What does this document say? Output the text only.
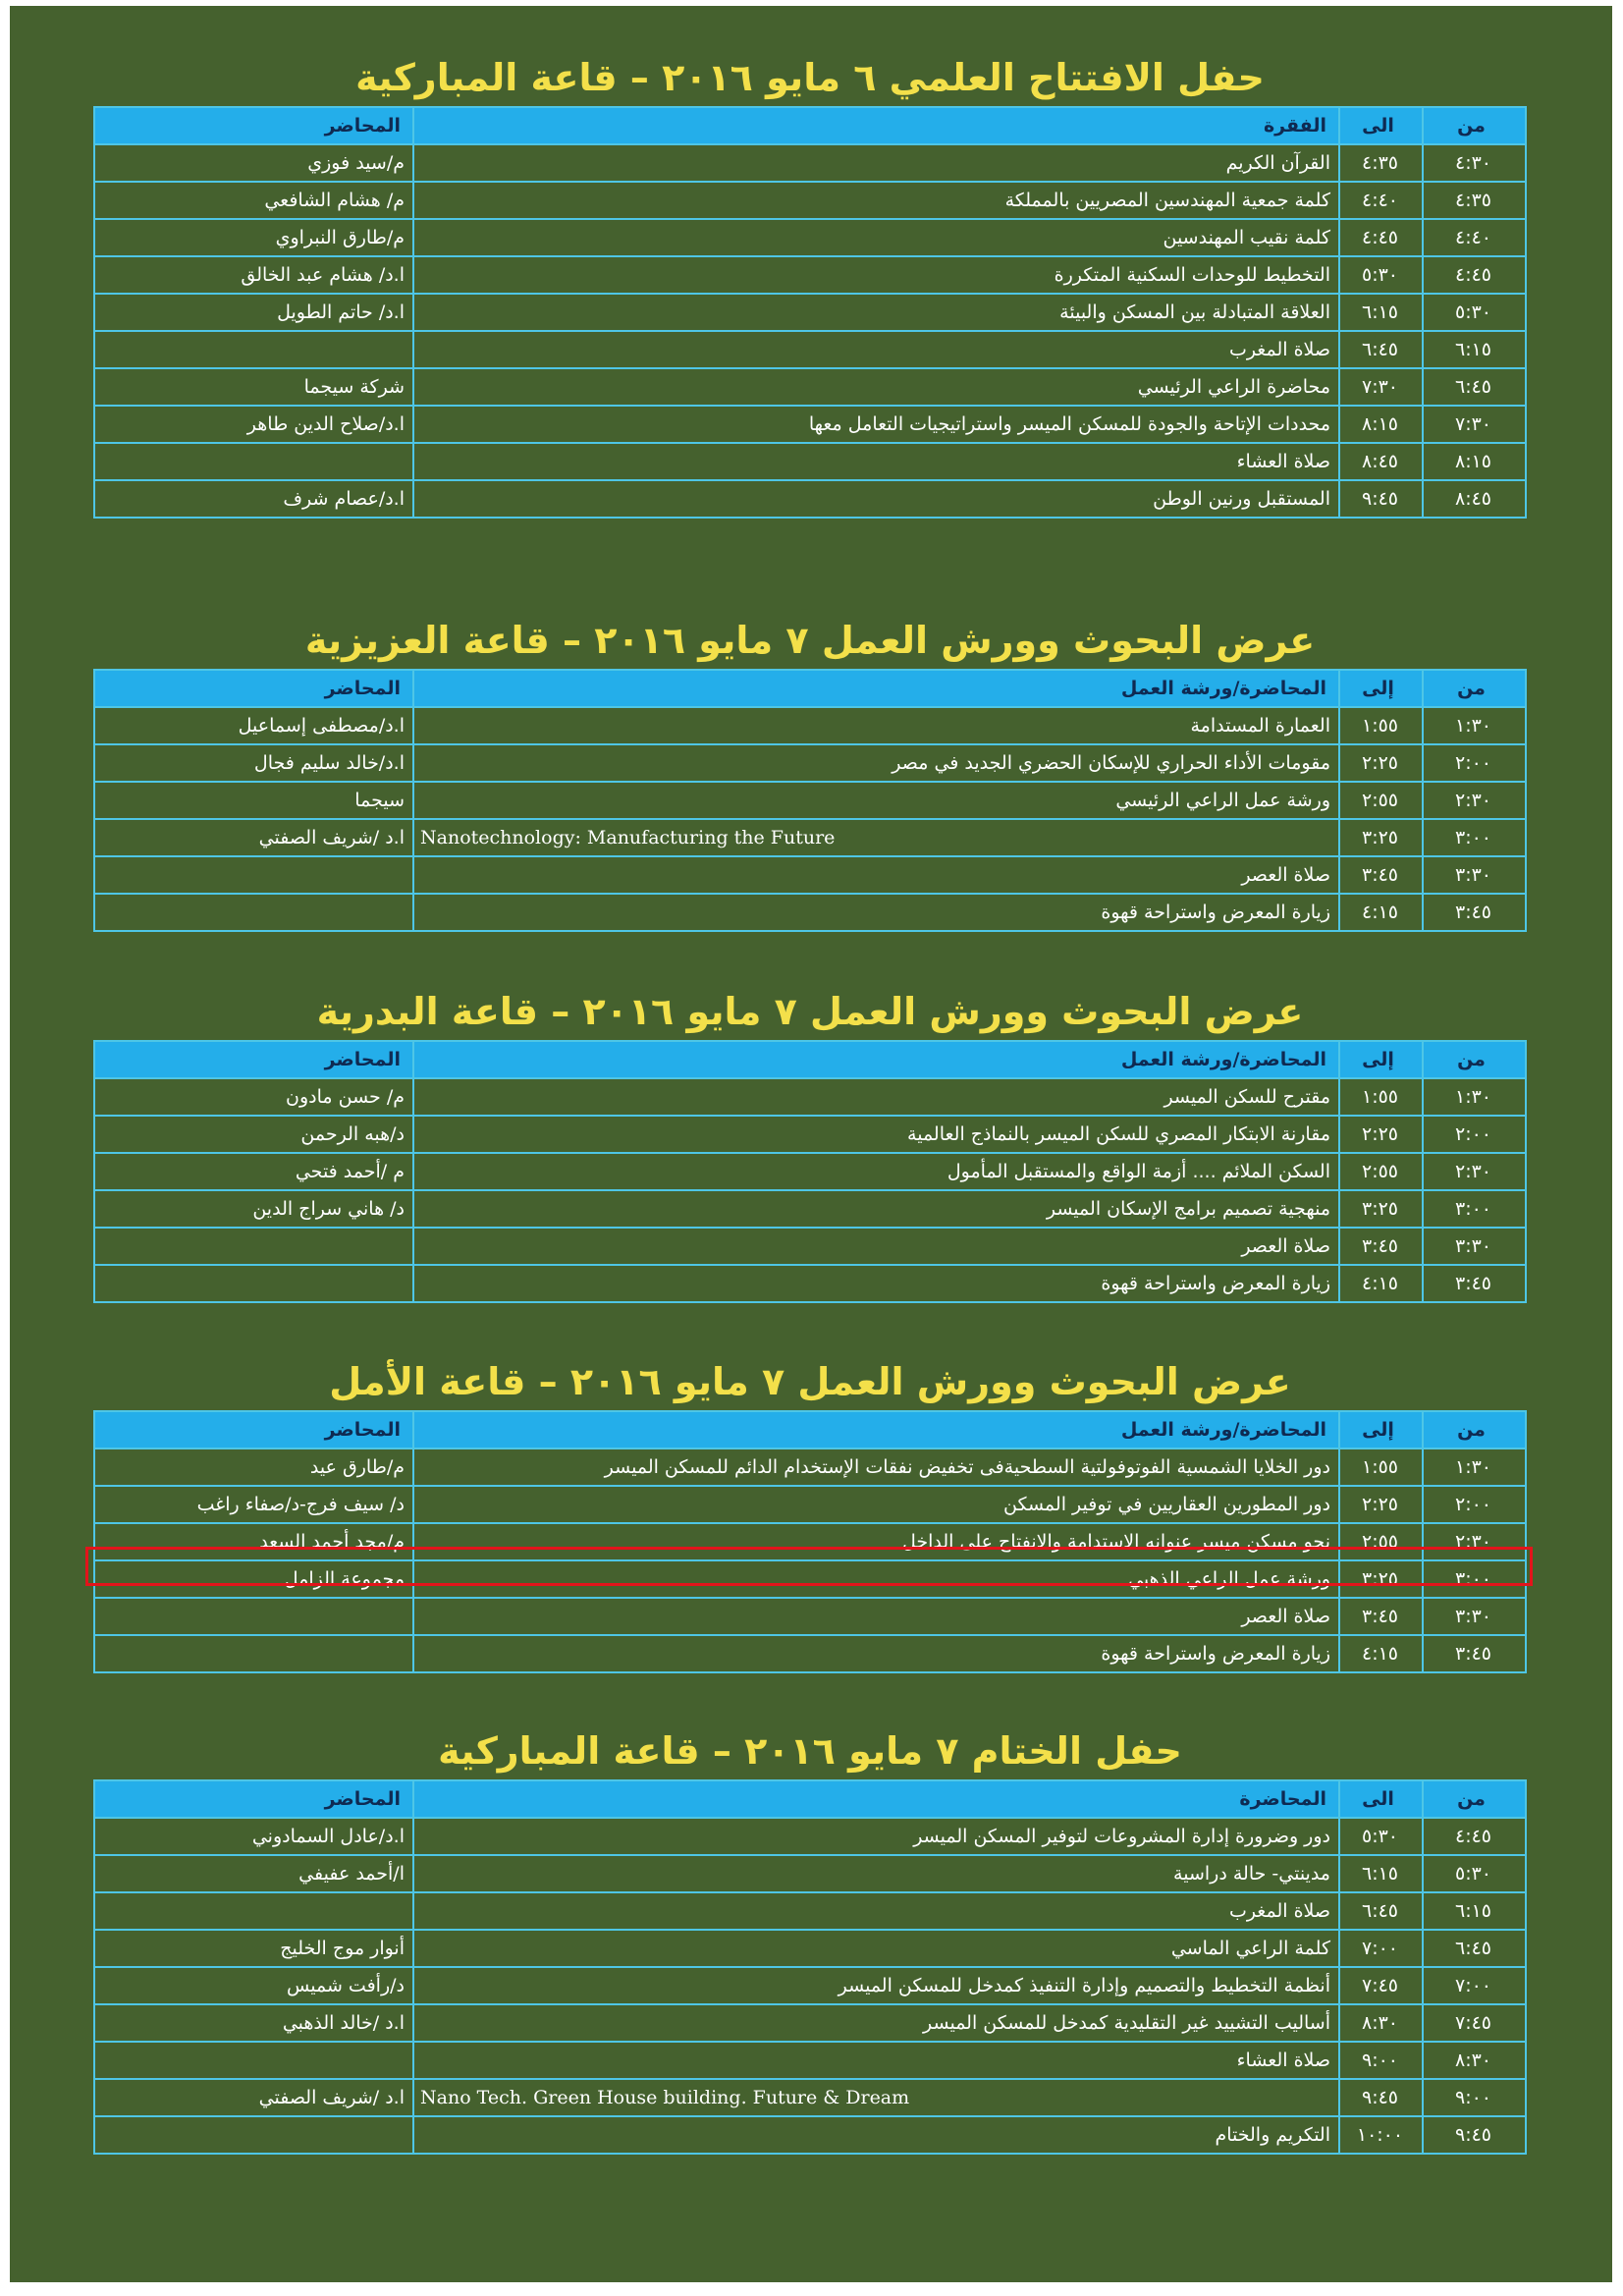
حفل الافتتاح العلمي ٦ مايو ٢٠١٦ – قاعة المباركية
من	الى	الفقرة	المحاضر
٤:٣٠	٤:٣٥	القرآن الكريم	م/سيد فوزي
٤:٣٥	٤:٤٠	كلمة جمعية المهندسين المصريين بالمملكة	م/ هشام الشافعي
٤:٤٠	٤:٤٥	كلمة نقيب المهندسين	م/طارق النبراوي
٤:٤٥	٥:٣٠	التخطيط للوحدات السكنية المتكررة	ا.د/ هشام عبد الخالق
٥:٣٠	٦:١٥	العلاقة المتبادلة بين المسكن والبيئة	ا.د/ حاتم الطويل
٦:١٥	٦:٤٥	صلاة المغرب	
٦:٤٥	٧:٣٠	محاضرة الراعي الرئيسي	شركة سيجما
٧:٣٠	٨:١٥	محددات الإتاحة والجودة للمسكن الميسر واستراتيجيات التعامل معها	ا.د/صلاح الدين طاهر
٨:١٥	٨:٤٥	صلاة العشاء	
٨:٤٥	٩:٤٥	المستقبل ورنين الوطن	ا.د/عصام شرف
عرض البحوث وورش العمل ٧ مايو ٢٠١٦ – قاعة العزيزية
من	إلى	المحاضرة/ورشة العمل	المحاضر
١:٣٠	١:٥٥	العمارة المستدامة	ا.د/مصطفى إسماعيل
٢:٠٠	٢:٢٥	مقومات الأداء الحراري للإسكان الحضري الجديد في مصر	ا.د/خالد سليم فجال
٢:٣٠	٢:٥٥	ورشة عمل الراعي الرئيسي	سيجما
٣:٠٠	٣:٢٥	Nanotechnology: Manufacturing the Future	ا.د /شريف الصفتي
٣:٣٠	٣:٤٥	صلاة العصر	
٣:٤٥	٤:١٥	زيارة المعرض واستراحة قهوة	
عرض البحوث وورش العمل ٧ مايو ٢٠١٦ – قاعة البدرية
من	إلى	المحاضرة/ورشة العمل	المحاضر
١:٣٠	١:٥٥	مقترح للسكن الميسر	م/ حسن مادون
٢:٠٠	٢:٢٥	مقارنة الابتكار المصري للسكن الميسر بالنماذج العالمية	د/هبه الرحمن
٢:٣٠	٢:٥٥	السكن الملائم .... أزمة الواقع والمستقبل المأمول	م /أحمد فتحي
٣:٠٠	٣:٢٥	منهجية تصميم برامج الإسكان الميسر	د/ هاني سراج الدين
٣:٣٠	٣:٤٥	صلاة العصر	
٣:٤٥	٤:١٥	زيارة المعرض واستراحة قهوة	
عرض البحوث وورش العمل ٧ مايو ٢٠١٦ – قاعة الأمل
من	إلى	المحاضرة/ورشة العمل	المحاضر
١:٣٠	١:٥٥	دور الخلايا الشمسية الفوتوفولتية السطحيةفى تخفيض نفقات الإستخدام الدائم للمسكن الميسر	م/طارق عيد
٢:٠٠	٢:٢٥	دور المطورين العقاريين في توفير المسكن	د/ سيف فرج-د/صفاء راغب
٢:٣٠	٢:٥٥	نحو مسكن ميسر عنوانه الاستدامة والانفتاح على الداخل	م/مجد أحمد السعد
٣:٠٠	٣:٢٥	ورشة عمل الراعي الذهبي	مجموعة الزامل
٣:٣٠	٣:٤٥	صلاة العصر	
٣:٤٥	٤:١٥	زيارة المعرض واستراحة قهوة	
حفل الختام ٧ مايو ٢٠١٦ – قاعة المباركية
من	الى	المحاضرة	المحاضر
٤:٤٥	٥:٣٠	دور وضرورة إدارة المشروعات لتوفير المسكن الميسر	ا.د/عادل السمادوني
٥:٣٠	٦:١٥	مدينتي- حالة دراسية	ا/أحمد عفيفي
٦:١٥	٦:٤٥	صلاة المغرب	
٦:٤٥	٧:٠٠	كلمة الراعي الماسي	أنوار موج الخليج
٧:٠٠	٧:٤٥	أنظمة التخطيط والتصميم وإدارة التنفيذ كمدخل للمسكن الميسر	د/رأفت شميس
٧:٤٥	٨:٣٠	أساليب التشييد غير التقليدية كمدخل للمسكن الميسر	ا.د /خالد الذهبي
٨:٣٠	٩:٠٠	صلاة العشاء	
٩:٠٠	٩:٤٥	Nano Tech. Green House building. Future & Dream	ا.د /شريف الصفتي
٩:٤٥	١٠:٠٠	التكريم والختام	
